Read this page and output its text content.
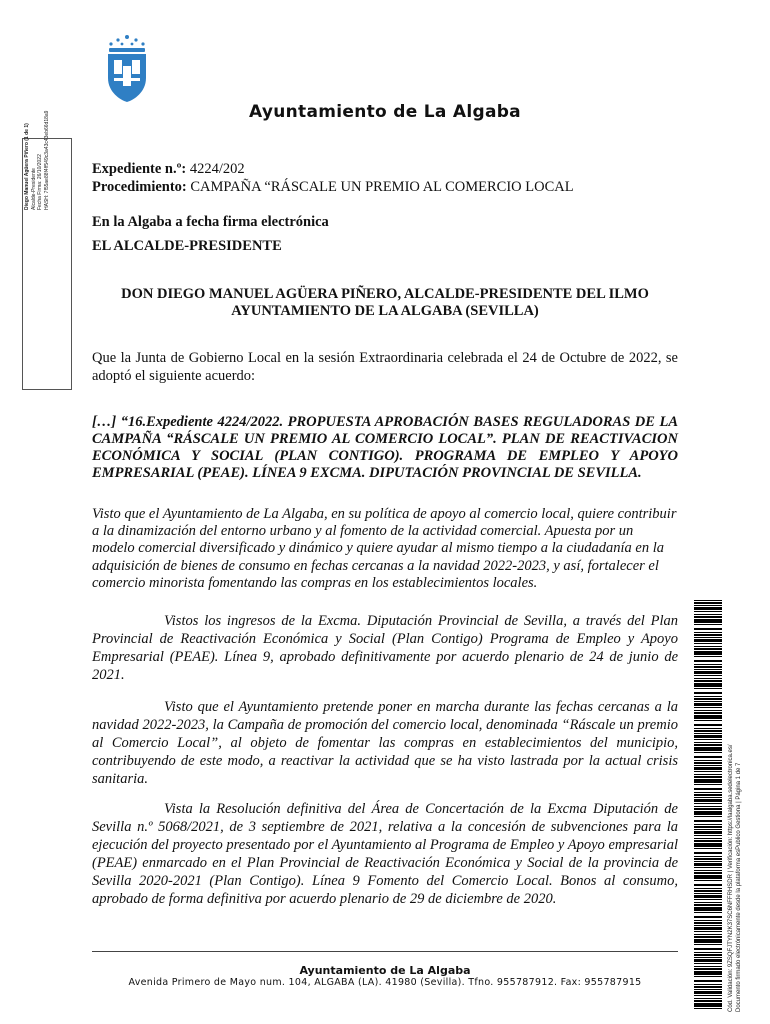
Ayuntamiento de La Algaba
Diego Manuel Agüera Piñero (1 de 1) Alcalde-Presidente Fecha Firma: 26/10/2022 HASH: 7f55ae88f4ff549c3a43c43eb66d18a9	Expediente n.º: 4224/202
Procedimiento: CAMPAÑA “RÁSCALE UN PREMIO AL COMERCIO LOCAL
En la Algaba a fecha firma electrónica
EL ALCALDE-PRESIDENTE
DON DIEGO MANUEL AGÜERA PIÑERO, ALCALDE-PRESIDENTE DEL ILMO AYUNTAMIENTO DE LA ALGABA (SEVILLA)
Que la Junta de Gobierno Local en la sesión Extraordinaria celebrada el 24 de Octubre de 2022, se adoptó el siguiente acuerdo:
[…] “16.Expediente 4224/2022. PROPUESTA APROBACIÓN BASES REGULADORAS DE LA CAMPAÑA “RÁSCALE UN PREMIO AL COMERCIO LOCAL”. PLAN DE REACTIVACION ECONÓMICA Y SOCIAL (PLAN CONTIGO). PROGRAMA DE EMPLEO Y APOYO EMPRESARIAL (PEAE). LÍNEA 9 EXCMA. DIPUTACIÓN PROVINCIAL DE SEVILLA.
Visto que el Ayuntamiento de La Algaba, en su política de apoyo al comercio local, quiere contribuir a la dinamización del entorno urbano y al fomento de la actividad comercial. Apuesta por un modelo comercial diversificado y dinámico y quiere ayudar al mismo tiempo a la ciudadanía en la adquisición de bienes de consumo en fechas cercanas a la navidad 2022-2023, y así, fortalecer el comercio minorista fomentando las compras en los establecimientos locales.
Vistos los ingresos de la Excma. Diputación Provincial de Sevilla, a través del Plan Provincial de Reactivación Económica y Social (Plan Contigo) Programa de Empleo y Apoyo Empresarial (PEAE). Línea 9, aprobado definitivamente por acuerdo plenario de 24 de junio de 2021.
Visto que el Ayuntamiento pretende poner en marcha durante las fechas cercanas a la navidad 2022-2023, la Campaña de promoción del comercio local, denominada “Ráscale un premio al Comercio Local”, al objeto de fomentar las compras en establecimientos del municipio, contribuyendo de este modo, a reactivar la actividad que se ha visto lastrada por la actual crisis sanitaria.
Vista la Resolución definitiva del Área de Concertación de la Excma Diputación de Sevilla n.º 5068/2021, de 3 septiembre de 2021, relativa a la concesión de subvenciones para la ejecución del proyecto presentado por el Ayuntamiento al Programa de Empleo y Apoyo empresarial (PEAE) enmarcado en el Plan Provincial de Reactivación Económica y Social de la provincia de Sevilla 2020-2021 (Plan Contigo). Línea 9 Fomento del Comercio Local. Bonos al consumo, aprobado de forma definitiva por acuerdo plenario de 29 de diciembre de 2020.
Ayuntamiento de La Algaba
Avenida Primero de Mayo num. 104, ALGABA (LA). 41980 (Sevilla). Tfno. 955787912. Fax: 955787915	Cód. Validación: 9ZSQFJTYN2K37SC6NFFRHSDR | Verificación: https://laalgaba.sedelectronica.es/ Documento firmado electrónicamente desde la plataforma esPublico Gestiona | Página 1 de 7
